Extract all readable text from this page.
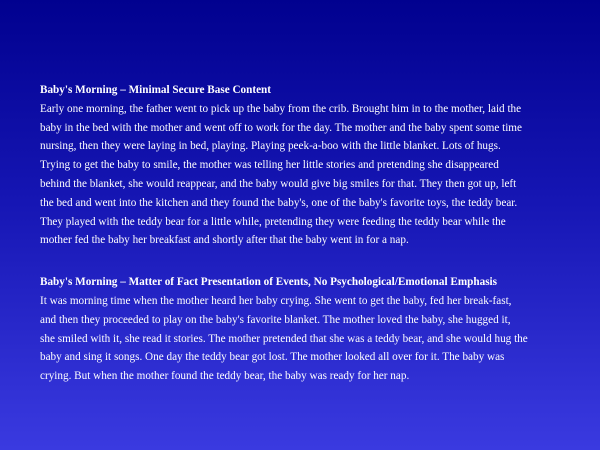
Baby's Morning – Minimal Secure Base Content
Early one morning, the father went to pick up the baby from the crib. Brought him in to the mother, laid the
baby in the bed with the mother and went off to work for the day. The mother and the baby spent some time
nursing, then they were laying in bed, playing. Playing peek-a-boo with the little blanket. Lots of hugs.
Trying to get the baby to smile, the mother was telling her little stories and pretending she disappeared
behind the blanket, she would reappear, and the baby would give big smiles for that. They then got up, left
the bed and went into the kitchen and they found the baby's, one of the baby's favorite toys, the teddy bear.
They played with the teddy bear for a little while, pretending they were feeding the teddy bear while the
mother fed the baby her breakfast and shortly after that the baby went in for a nap.
Baby's Morning – Matter of Fact Presentation of Events, No Psychological/Emotional Emphasis
It was morning time when the mother heard her baby crying. She went to get the baby, fed her break-fast,
and then they proceeded to play on the baby's favorite blanket. The mother loved the baby, she hugged it,
she smiled with it, she read it stories. The mother pretended that she was a teddy bear, and she would hug the
baby and sing it songs. One day the teddy bear got lost. The mother looked all over for it. The baby was
crying. But when the mother found the teddy bear, the baby was ready for her nap.
